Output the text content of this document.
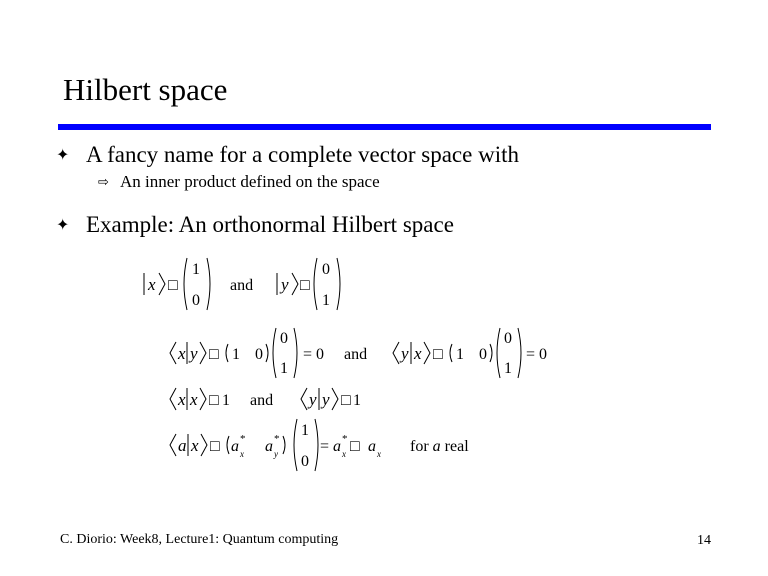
Hilbert space
✦ A fancy name for a complete vector space with
⇨ An inner product defined on the space
✦ Example: An orthonormal Hilbert space
x □
1
0
and y □
0
1
x y □ 1 0
0
1
= 0 and y x □ 1 0
0
1
= 0
x x □ 1 and y y □ 1
a x □ a *
x a *
y
1
0
= a *
x □ a x for a real
C. Diorio: Week8, Lecture1: Quantum computing	14
